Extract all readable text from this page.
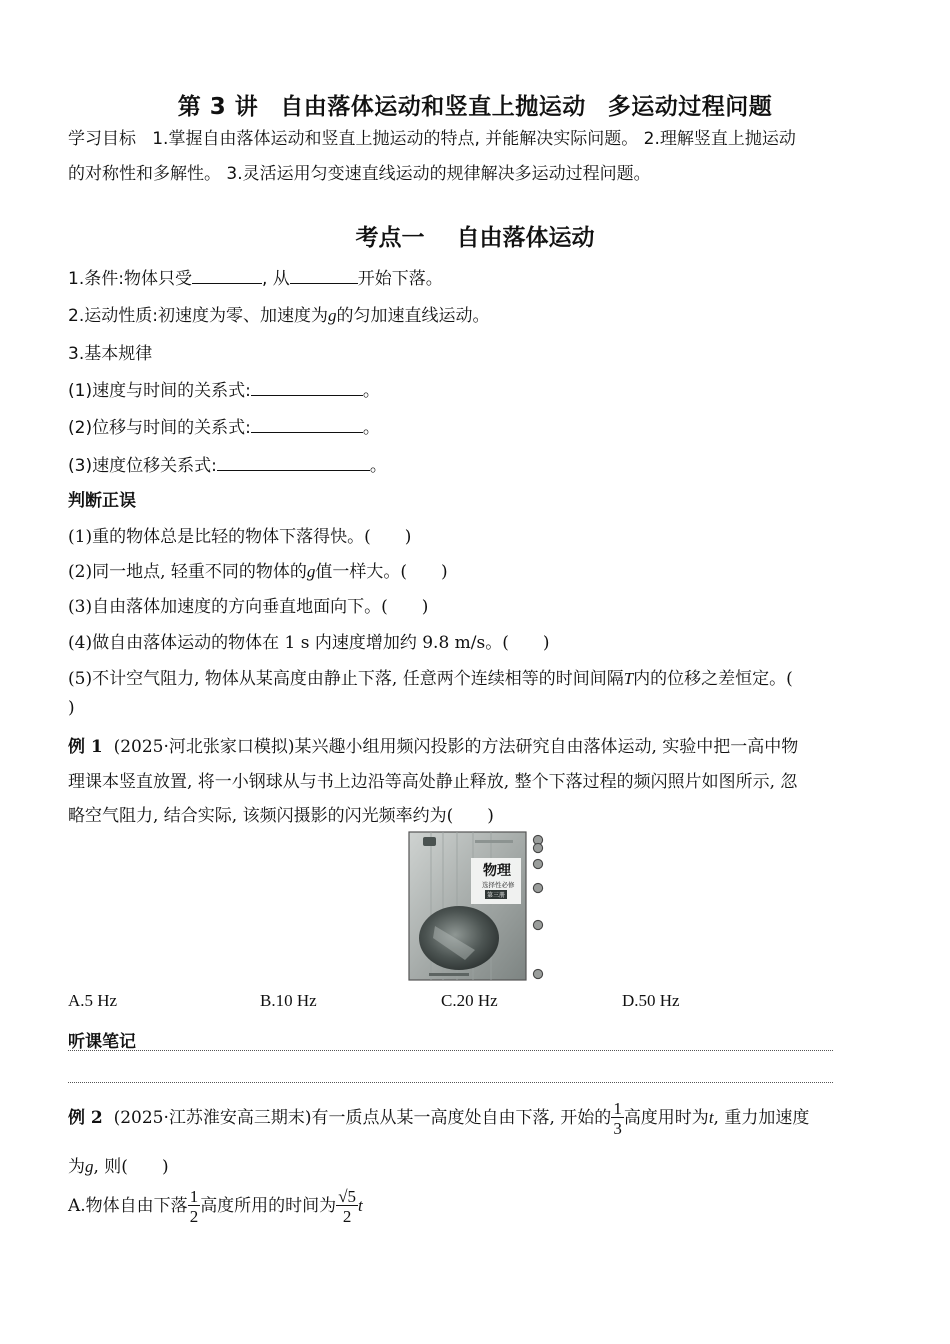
第 3 讲 自由落体运动和竖直上抛运动 多运动过程问题
学习目标 1.掌握自由落体运动和竖直上抛运动的特点, 并能解决实际问题。 2.理解竖直上抛运动
的对称性和多解性。 3.灵活运用匀变速直线运动的规律解决多运动过程问题。
考点一 自由落体运动
1.条件:物体只受	, 从	开始下落。
2.运动性质:初速度为零、加速度为g的匀加速直线运动。
3.基本规律
(1)速度与时间的关系式:	。
(2)位移与时间的关系式:	。
(3)速度位移关系式:	。
判断正误
(1)重的物体总是比轻的物体下落得快。(  )
(2)同一地点, 轻重不同的物体的g值一样大。(  )
(3)自由落体加速度的方向垂直地面向下。(  )
(4)做自由落体运动的物体在 1 s 内速度增加约 9.8 m/s。(  )
(5)不计空气阻力, 物体从某高度由静止下落, 任意两个连续相等的时间间隔T内的位移之差恒定。(
)
例 1 (2025·河北张家口模拟)某兴趣小组用频闪投影的方法研究自由落体运动, 实验中把一高中物
理课本竖直放置, 将一小钢球从与书上边沿等高处静止释放, 整个下落过程的频闪照片如图所示, 忽
略空气阻力, 结合实际, 该频闪摄影的闪光频率约为(  )
物理
选择性必修
第三册
A.5 Hz	B.10 Hz	C.20 Hz	D.50 Hz
听课笔记
例 2 (2025·江苏淮安高三期末)有一质点从某一高度处自由下落, 开始的 $\frac{1}{3}$ 高度用时为t, 重力加速度
为g, 则(  )
A.物体自由下落 $\frac{1}{2}$ 高度所用的时间为 $\frac{√5}{2}$ t
